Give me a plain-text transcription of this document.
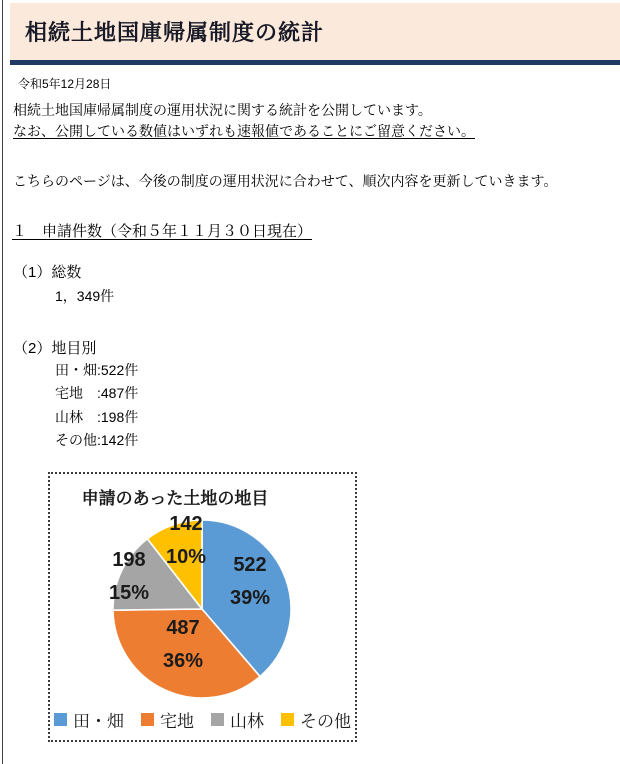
相続土地国庫帰属制度の統計
令和5年12月28日
相続土地国庫帰属制度の運用状況に関する統計を公開しています。
なお、公開している数値はいずれも速報値であることにご留意ください。
こちらのページは、今後の制度の運用状況に合わせて、順次内容を更新していきます。
１　申請件数（令和５年１１月３０日現在）
（1）総数
1，349件
（2）地目別
田・畑:522件
宅地　:487件
山林　:198件
その他:142件
申請のあった土地の地目
522
39%
487
36%
198
15%
142
10%
田・畑 宅地 山林 その他
